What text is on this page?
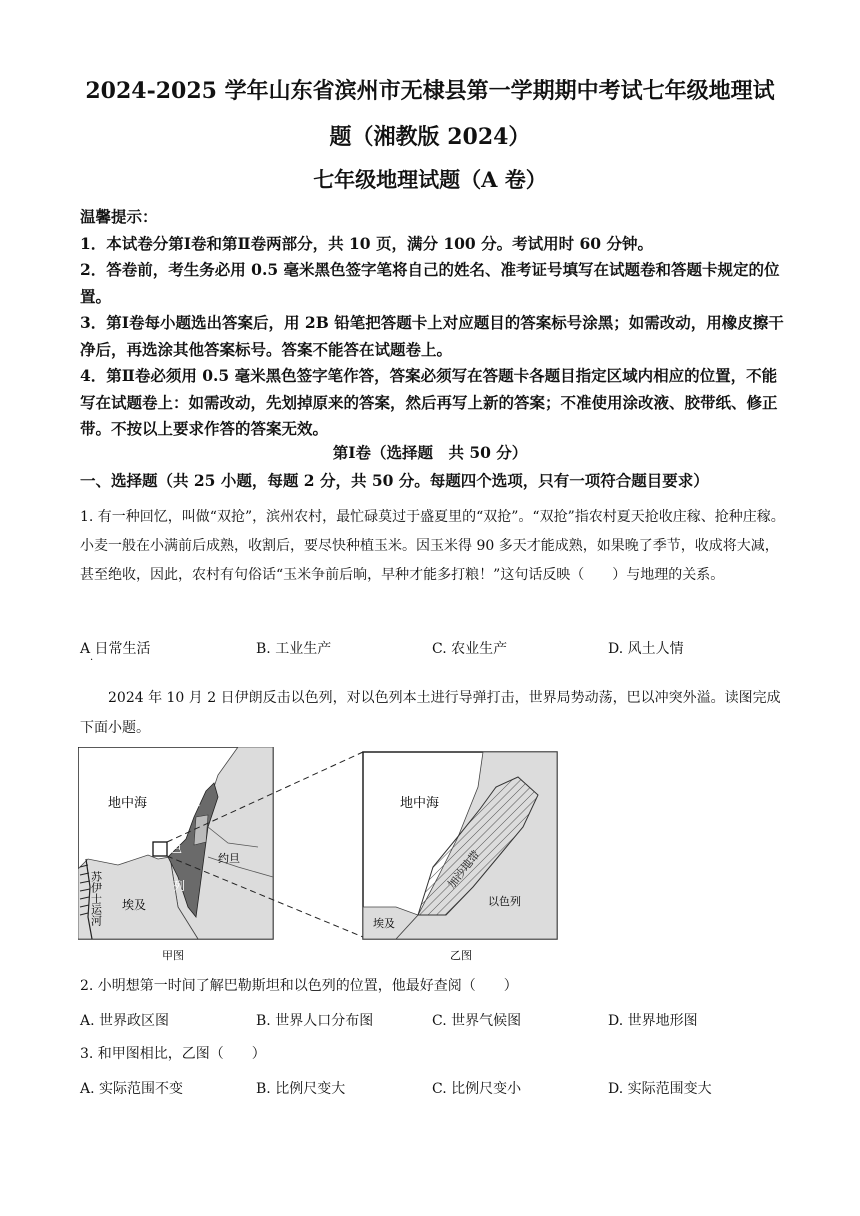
2024-2025 学年山东省滨州市无棣县第一学期期中考试七年级地理试
题（湘教版 2024）
七年级地理试题（A 卷）

温馨提示：

1．本试卷分第Ⅰ卷和第Ⅱ卷两部分，共 10 页，满分 100 分。考试用时 60 分钟。

2．答卷前，考生务必用 0.5 毫米黑色签字笔将自己的姓名、准考证号填写在试题卷和答题卡规定的位置。

3．第Ⅰ卷每小题选出答案后，用 2B 铅笔把答题卡上对应题目的答案标号涂黑；如需改动，用橡皮擦干净后，再选涂其他答案标号。答案不能答在试题卷上。

4．第Ⅱ卷必须用 0.5 毫米黑色签字笔作答，答案必须写在答题卡各题目指定区域内相应的位置，不能写在试题卷上：如需改动，先划掉原来的答案，然后再写上新的答案；不准使用涂改液、胶带纸、修正带。不按以上要求作答的答案无效。

第Ⅰ卷（选择题　共 50 分）
一、选择题（共 25 小题，每题 2 分，共 50 分。每题四个选项，只有一项符合题目要求）
1. 有一种回忆，叫做“双抢”，滨州农村，最忙碌莫过于盛夏里的“双抢”。“双抢”指农村夏天抢收庄稼、抢种庄稼。小麦一般在小满前后成熟，收割后，要尽快种植玉米。因玉米得 90 多天才能成熟，如果晚了季节，收成将大减，甚至绝收，因此，农村有句俗话“玉米争前后晌，早种才能多打粮！”这句话反映（　　）与地理的关系。
A 日常生活	B. 工业生产	C. 农业生产	D. 风土人情
·
2024 年 10 月 2 日伊朗反击以色列，对以色列本土进行导弹打击，世界局势动荡，巴以冲突外溢。读图完成下面小题。
地中海	以
色
列
约旦
埃及
苏伊士运河
甲图
地中海
加沙地带
以色列
埃及
乙图
2. 小明想第一时间了解巴勒斯坦和以色列的位置，他最好查阅（　　）
A. 世界政区图	B. 世界人口分布图	C. 世界气候图	D. 世界地形图
3. 和甲图相比，乙图（　　）
A. 实际范围不变	B. 比例尺变大	C. 比例尺变小	D. 实际范围变大
